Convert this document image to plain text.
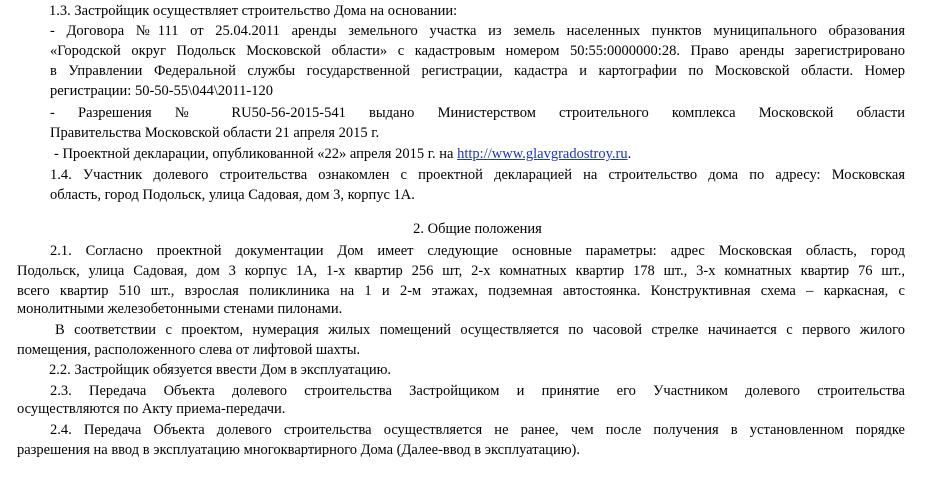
1.3. Застройщик осуществляет строительство Дома на основании:
- Договора №111 от 25.04.2011 аренды земельного участка из земель населенных пунктов муниципального образования
«Городской округ Подольск Московской области» с кадастровым номером 50:55:0000000:28. Право аренды зарегистрировано
в Управлении Федеральной службы государственной регистрации, кадастра и картографии по Московской области. Номер
регистрации: 50-50-55\044\2011-120
- Разрешения № RU50-56-2015-541 выдано Министерством строительного комплекса Московской области
Правительства Московской области 21 апреля 2015 г.
- Проектной декларации, опубликованной «22» апреля 2015 г. на http://www.glavgradostroy.ru.
1.4. Участник долевого строительства ознакомлен с проектной декларацией на строительство дома по адресу: Московская
область, город Подольск, улица Садовая, дом 3, корпус 1А.
2. Общие положения
2.1. Согласно проектной документации Дом имеет следующие основные параметры: адрес Московская область, город
Подольск, улица Садовая, дом 3 корпус 1А, 1-х квартир 256 шт, 2-х комнатных квартир 178 шт., 3-х комнатных квартир 76 шт.,
всего квартир 510 шт., взрослая поликлиника на 1 и 2-м этажах, подземная автостоянка. Конструктивная схема – каркасная, с
монолитными железобетонными стенами пилонами.
В соответствии с проектом, нумерация жилых помещений осуществляется по часовой стрелке начинается с первого жилого
помещения, расположенного слева от лифтовой шахты.
2.2. Застройщик обязуется ввести Дом в эксплуатацию.
2.3. Передача Объекта долевого строительства Застройщиком и принятие его Участником долевого строительства
осуществляются по Акту приема-передачи.
2.4. Передача Объекта долевого строительства осуществляется не ранее, чем после получения в установленном порядке
разрешения на ввод в эксплуатацию многоквартирного Дома (Далее-ввод в эксплуатацию).
